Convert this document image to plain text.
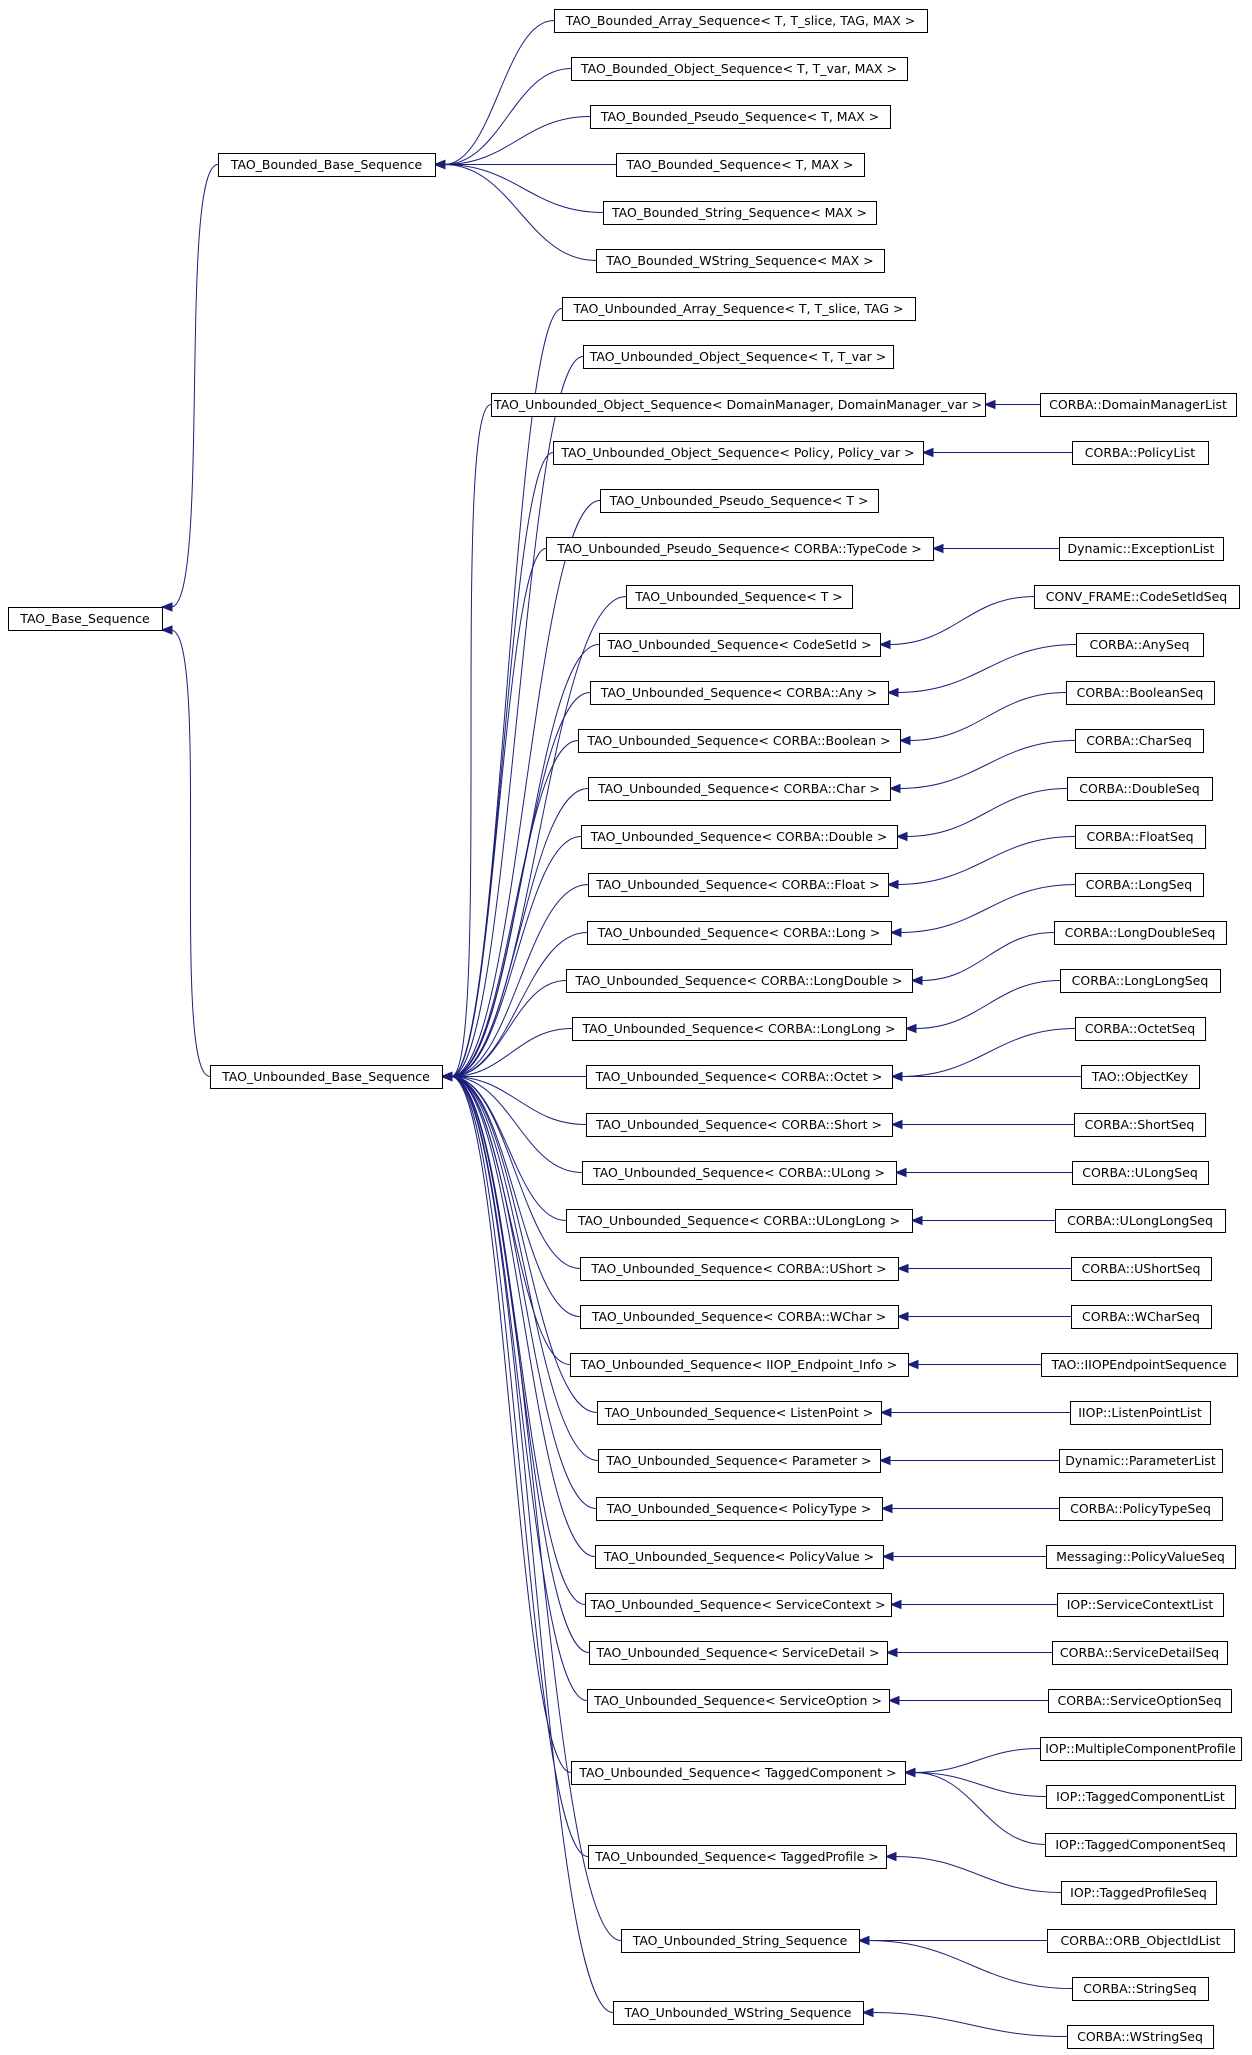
TAO_Base_Sequence
TAO_Bounded_Base_Sequence
TAO_Unbounded_Base_Sequence
TAO_Bounded_Array_Sequence< T, T_slice, TAG, MAX >
TAO_Bounded_Object_Sequence< T, T_var, MAX >
TAO_Bounded_Pseudo_Sequence< T, MAX >
TAO_Bounded_Sequence< T, MAX >
TAO_Bounded_String_Sequence< MAX >
TAO_Bounded_WString_Sequence< MAX >
TAO_Unbounded_Array_Sequence< T, T_slice, TAG >
TAO_Unbounded_Object_Sequence< T, T_var >
TAO_Unbounded_Object_Sequence< DomainManager, DomainManager_var >
TAO_Unbounded_Object_Sequence< Policy, Policy_var >
TAO_Unbounded_Pseudo_Sequence< T >
TAO_Unbounded_Pseudo_Sequence< CORBA::TypeCode >
TAO_Unbounded_Sequence< T >
TAO_Unbounded_Sequence< CodeSetId >
TAO_Unbounded_Sequence< CORBA::Any >
TAO_Unbounded_Sequence< CORBA::Boolean >
TAO_Unbounded_Sequence< CORBA::Char >
TAO_Unbounded_Sequence< CORBA::Double >
TAO_Unbounded_Sequence< CORBA::Float >
TAO_Unbounded_Sequence< CORBA::Long >
TAO_Unbounded_Sequence< CORBA::LongDouble >
TAO_Unbounded_Sequence< CORBA::LongLong >
TAO_Unbounded_Sequence< CORBA::Octet >
TAO_Unbounded_Sequence< CORBA::Short >
TAO_Unbounded_Sequence< CORBA::ULong >
TAO_Unbounded_Sequence< CORBA::ULongLong >
TAO_Unbounded_Sequence< CORBA::UShort >
TAO_Unbounded_Sequence< CORBA::WChar >
TAO_Unbounded_Sequence< IIOP_Endpoint_Info >
TAO_Unbounded_Sequence< ListenPoint >
TAO_Unbounded_Sequence< Parameter >
TAO_Unbounded_Sequence< PolicyType >
TAO_Unbounded_Sequence< PolicyValue >
TAO_Unbounded_Sequence< ServiceContext >
TAO_Unbounded_Sequence< ServiceDetail >
TAO_Unbounded_Sequence< ServiceOption >
TAO_Unbounded_Sequence< TaggedComponent >
TAO_Unbounded_Sequence< TaggedProfile >
TAO_Unbounded_String_Sequence
TAO_Unbounded_WString_Sequence
CORBA::DomainManagerList
CORBA::PolicyList
Dynamic::ExceptionList
CONV_FRAME::CodeSetIdSeq
CORBA::AnySeq
CORBA::BooleanSeq
CORBA::CharSeq
CORBA::DoubleSeq
CORBA::FloatSeq
CORBA::LongSeq
CORBA::LongDoubleSeq
CORBA::LongLongSeq
CORBA::OctetSeq
TAO::ObjectKey
CORBA::ShortSeq
CORBA::ULongSeq
CORBA::ULongLongSeq
CORBA::UShortSeq
CORBA::WCharSeq
TAO::IIOPEndpointSequence
IIOP::ListenPointList
Dynamic::ParameterList
CORBA::PolicyTypeSeq
Messaging::PolicyValueSeq
IOP::ServiceContextList
CORBA::ServiceDetailSeq
CORBA::ServiceOptionSeq
IOP::MultipleComponentProfile
IOP::TaggedComponentList
IOP::TaggedComponentSeq
IOP::TaggedProfileSeq
CORBA::ORB_ObjectIdList
CORBA::StringSeq
CORBA::WStringSeq
